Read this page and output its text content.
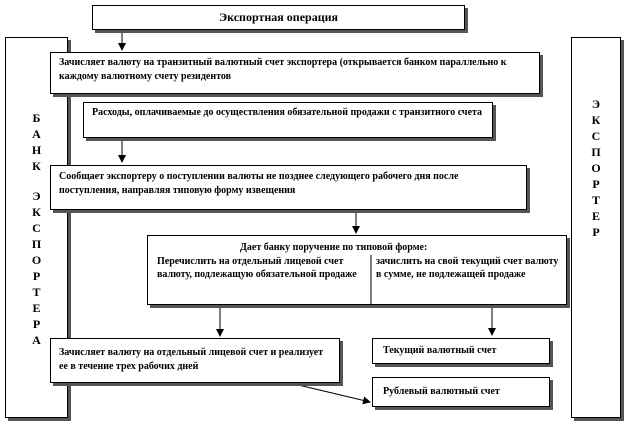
Экспортная операция
Б
А
Н
К
Э
К
С
П
О
Р
Т
Е
Р
А
Э
К
С
П
О
Р
Т
Е
Р
Зачисляет валюту на транзитный валютный счет экспортера (открывается банком параллельно к каждому валютному счету резидентов
Расходы, оплачиваемые до осуществления обязательной продажи с транзитного счета
Сообщает экспортеру о поступлении валюты не позднее следующего рабочего дня после поступления, направляя типовую форму извещения
Дает банку поручение по типовой форме:
Перечислить на отдельный лицевой счет валюту, подлежащую обязательной продаже
зачислить на свой текущий счет валюту в сумме, не подлежащей продаже
Зачисляет валюту на отдельный лицевой счет и реализует ее в течение трех рабочих дней
Текущий валютный счет
Рублевый валютный счет
